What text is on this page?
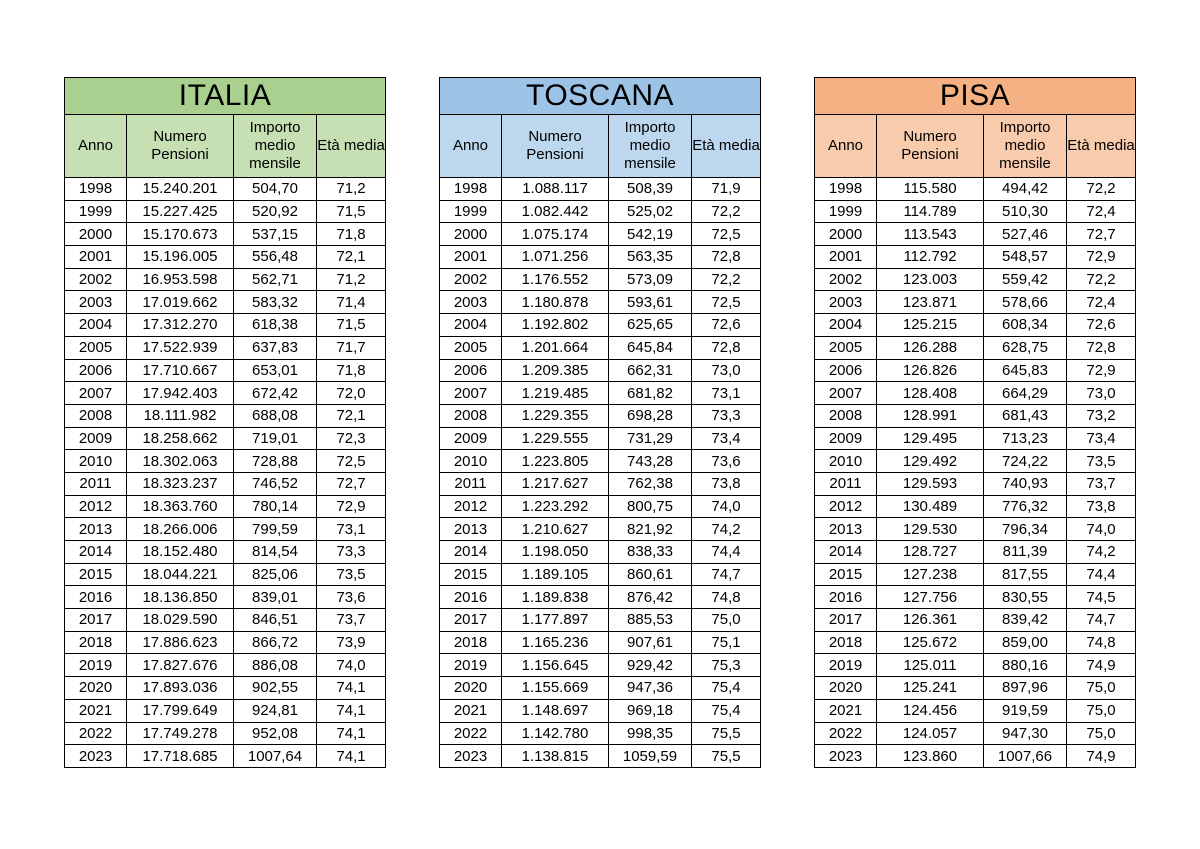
ITALIA			
Anno	Numero Pensioni	Importo medio mensile	Età media
1998	15.240.201	504,70	71,2
1999	15.227.425	520,92	71,5
2000	15.170.673	537,15	71,8
2001	15.196.005	556,48	72,1
2002	16.953.598	562,71	71,2
2003	17.019.662	583,32	71,4
2004	17.312.270	618,38	71,5
2005	17.522.939	637,83	71,7
2006	17.710.667	653,01	71,8
2007	17.942.403	672,42	72,0
2008	18.111.982	688,08	72,1
2009	18.258.662	719,01	72,3
2010	18.302.063	728,88	72,5
2011	18.323.237	746,52	72,7
2012	18.363.760	780,14	72,9
2013	18.266.006	799,59	73,1
2014	18.152.480	814,54	73,3
2015	18.044.221	825,06	73,5
2016	18.136.850	839,01	73,6
2017	18.029.590	846,51	73,7
2018	17.886.623	866,72	73,9
2019	17.827.676	886,08	74,0
2020	17.893.036	902,55	74,1
2021	17.799.649	924,81	74,1
2022	17.749.278	952,08	74,1
2023	17.718.685	1007,64	74,1
TOSCANA			
Anno	Numero Pensioni	Importo medio mensile	Età media
1998	1.088.117	508,39	71,9
1999	1.082.442	525,02	72,2
2000	1.075.174	542,19	72,5
2001	1.071.256	563,35	72,8
2002	1.176.552	573,09	72,2
2003	1.180.878	593,61	72,5
2004	1.192.802	625,65	72,6
2005	1.201.664	645,84	72,8
2006	1.209.385	662,31	73,0
2007	1.219.485	681,82	73,1
2008	1.229.355	698,28	73,3
2009	1.229.555	731,29	73,4
2010	1.223.805	743,28	73,6
2011	1.217.627	762,38	73,8
2012	1.223.292	800,75	74,0
2013	1.210.627	821,92	74,2
2014	1.198.050	838,33	74,4
2015	1.189.105	860,61	74,7
2016	1.189.838	876,42	74,8
2017	1.177.897	885,53	75,0
2018	1.165.236	907,61	75,1
2019	1.156.645	929,42	75,3
2020	1.155.669	947,36	75,4
2021	1.148.697	969,18	75,4
2022	1.142.780	998,35	75,5
2023	1.138.815	1059,59	75,5
PISA			
Anno	Numero Pensioni	Importo medio mensile	Età media
1998	115.580	494,42	72,2
1999	114.789	510,30	72,4
2000	113.543	527,46	72,7
2001	112.792	548,57	72,9
2002	123.003	559,42	72,2
2003	123.871	578,66	72,4
2004	125.215	608,34	72,6
2005	126.288	628,75	72,8
2006	126.826	645,83	72,9
2007	128.408	664,29	73,0
2008	128.991	681,43	73,2
2009	129.495	713,23	73,4
2010	129.492	724,22	73,5
2011	129.593	740,93	73,7
2012	130.489	776,32	73,8
2013	129.530	796,34	74,0
2014	128.727	811,39	74,2
2015	127.238	817,55	74,4
2016	127.756	830,55	74,5
2017	126.361	839,42	74,7
2018	125.672	859,00	74,8
2019	125.011	880,16	74,9
2020	125.241	897,96	75,0
2021	124.456	919,59	75,0
2022	124.057	947,30	75,0
2023	123.860	1007,66	74,9
